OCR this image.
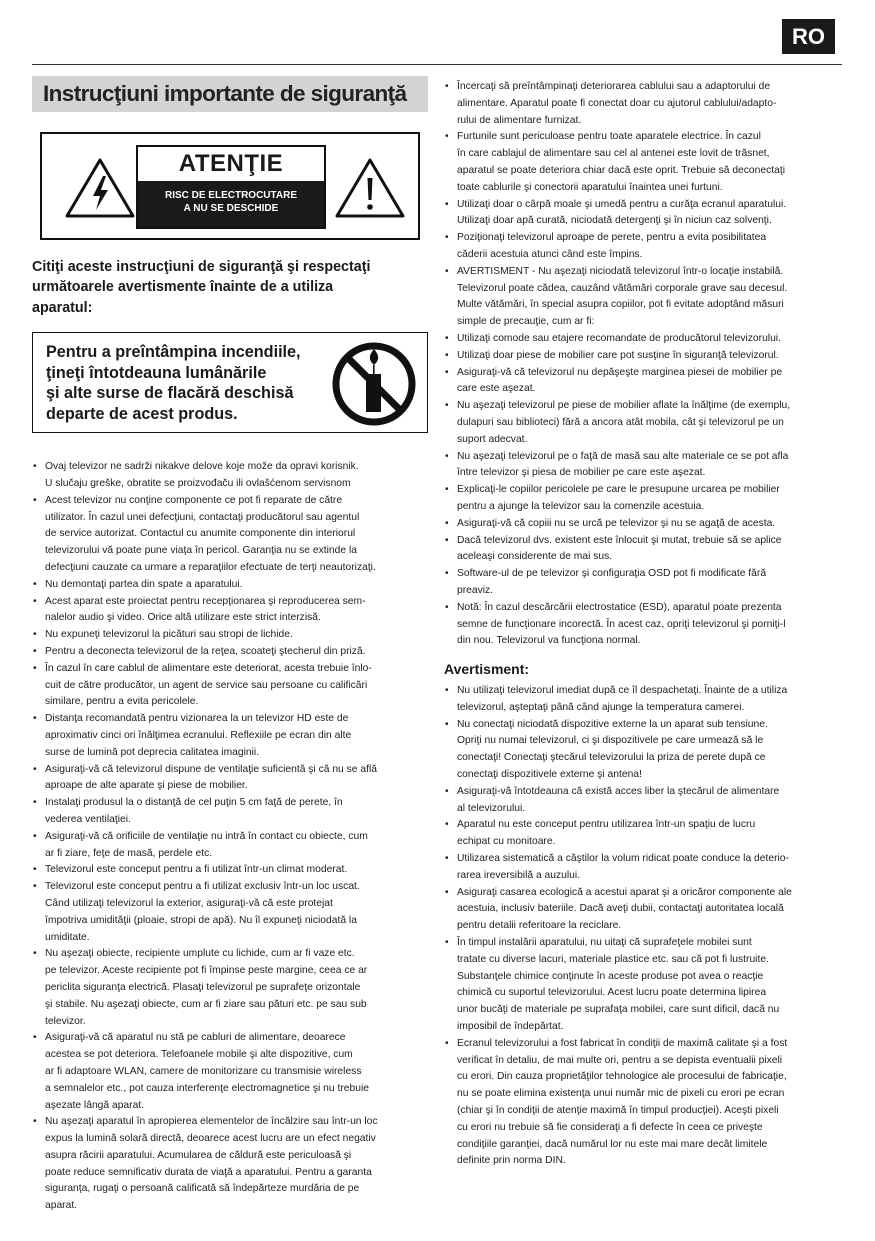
RO
Instrucţiuni importante de siguranţă
ATENŢIE
RISC DE ELECTROCUTARE
A NU SE DESCHIDE
Citiţi aceste instrucţiuni de siguranţă şi respectaţi
următoarele avertismente înainte de a utiliza
aparatul:
Pentru a preîntâmpina incendiile,
ţineţi întotdeauna lumânările
şi alte surse de flacără deschisă
departe de acest produs.
• Ovaj televizor ne sadrži nikakve delove koje može da opravi korisnik.
U slučaju greške, obratite se proizvođaču ili ovlašćenom servisnom
• Acest televizor nu conţine componente ce pot fi reparate de către
utilizator. În cazul unei defecţiuni, contactaţi producătorul sau agentul
de service autorizat. Contactul cu anumite componente din interiorul
televizorului vă poate pune viaţa în pericol. Garanţia nu se extinde la
defecţiuni cauzate ca urmare a reparaţiilor efectuate de terţi neautorizaţi.
• Nu demontaţi partea din spate a aparatului.
• Acest aparat este proiectat pentru recepţionarea şi reproducerea sem-
nalelor audio şi video. Orice altă utilizare este strict interzisă.
• Nu expuneţi televizorul la picături sau stropi de lichide.
• Pentru a deconecta televizorul de la reţea, scoateţi ştecherul din priză.
• În cazul în care cablul de alimentare este deteriorat, acesta trebuie înlo-
cuit de către producător, un agent de service sau persoane cu calificări
similare, pentru a evita pericolele.
• Distanţa recomandată pentru vizionarea la un televizor HD este de
aproximativ cinci ori înălţimea ecranului. Reflexiile pe ecran din alte
surse de lumină pot deprecia calitatea imaginii.
• Asiguraţi-vă că televizorul dispune de ventilaţie suficientă şi că nu se află
aproape de alte aparate şi piese de mobilier.
• Instalaţi produsul la o distanţă de cel puţin 5 cm faţă de perete, în
vederea ventilaţiei.
• Asiguraţi-vă că orificiile de ventilaţie nu intră în contact cu obiecte, cum
ar fi ziare, feţe de masă, perdele etc.
• Televizorul este conceput pentru a fi utilizat într-un climat moderat.
• Televizorul este conceput pentru a fi utilizat exclusiv într-un loc uscat.
Când utilizaţi televizorul la exterior, asiguraţi-vă că este protejat
împotriva umidităţii (ploaie, stropi de apă). Nu îl expuneţi niciodată la
umiditate.
• Nu aşezaţi obiecte, recipiente umplute cu lichide, cum ar fi vaze etc.
pe televizor. Aceste recipiente pot fi împinse peste margine, ceea ce ar
periclita siguranţa electrică. Plasaţi televizorul pe suprafeţe orizontale
şi stabile. Nu aşezaţi obiecte, cum ar fi ziare sau pături etc. pe sau sub
televizor.
• Asiguraţi-vă că aparatul nu stă pe cabluri de alimentare, deoarece
acestea se pot deteriora. Telefoanele mobile şi alte dispozitive, cum
ar fi adaptoare WLAN, camere de monitorizare cu transmisie wireless
a semnalelor etc., pot cauza interferenţe electromagnetice şi nu trebuie
aşezate lângă aparat.
• Nu aşezaţi aparatul în apropierea elementelor de încălzire sau într-un loc
expus la lumină solară directă, deoarece acest lucru are un efect negativ
asupra răcirii aparatului. Acumularea de căldură este periculoasă şi
poate reduce semnificativ durata de viaţă a aparatului. Pentru a garanta
siguranţa, rugaţi o persoană calificată să îndepărteze murdăria de pe
aparat.
• Încercaţi să preîntâmpinaţi deteriorarea cablului sau a adaptorului de
alimentare. Aparatul poate fi conectat doar cu ajutorul cablului/adapto-
rului de alimentare furnizat.
• Furtunile sunt periculoase pentru toate aparatele electrice. În cazul
în care cablajul de alimentare sau cel al antenei este lovit de trăsnet,
aparatul se poate deteriora chiar dacă este oprit. Trebuie să deconectaţi
toate cablurile şi conectorii aparatului înaintea unei furtuni.
• Utilizaţi doar o cârpă moale şi umedă pentru a curăţa ecranul aparatului.
Utilizaţi doar apă curată, niciodată detergenţi şi în niciun caz solvenţi.
• Poziţionaţi televizorul aproape de perete, pentru a evita posibilitatea
căderii acestuia atunci când este împins.
• AVERTISMENT - Nu aşezaţi niciodată televizorul într-o locaţie instabilă.
Televizorul poate cădea, cauzând vătămări corporale grave sau decesul.
Multe vătămări, în special asupra copiilor, pot fi evitate adoptând măsuri
simple de precauţie, cum ar fi:
• Utilizaţi comode sau etajere recomandate de producătorul televizorului.
• Utilizaţi doar piese de mobilier care pot susţine în siguranţă televizorul.
• Asiguraţi-vă că televizorul nu depăşeşte marginea piesei de mobilier pe
care este aşezat.
• Nu aşezaţi televizorul pe piese de mobilier aflate la înălţime (de exemplu,
dulapuri sau biblioteci) fără a ancora atât mobila, cât şi televizorul pe un
suport adecvat.
• Nu aşezaţi televizorul pe o faţă de masă sau alte materiale ce se pot afla
între televizor şi piesa de mobilier pe care este aşezat.
• Explicaţi-le copiilor pericolele pe care le presupune urcarea pe mobilier
pentru a ajunge la televizor sau la comenzile acestuia.
• Asiguraţi-vă că copiii nu se urcă pe televizor şi nu se agaţă de acesta.
• Dacă televizorul dvs. existent este înlocuit şi mutat, trebuie să se aplice
aceleaşi considerente de mai sus.
• Software-ul de pe televizor şi configuraţia OSD pot fi modificate fără
preaviz.
• Notă: În cazul descărcării electrostatice (ESD), aparatul poate prezenta
semne de funcţionare incorectă. În acest caz, opriţi televizorul şi porniţi-l
din nou. Televizorul va funcţiona normal.
Avertisment:
• Nu utilizaţi televizorul imediat după ce îl despachetaţi. Înainte de a utiliza
televizorul, aşteptaţi până când ajunge la temperatura camerei.
• Nu conectaţi niciodată dispozitive externe la un aparat sub tensiune.
Opriţi nu numai televizorul, ci şi dispozitivele pe care urmează să le
conectaţi! Conectaţi ştecărul televizorului la priza de perete după ce
conectaţi dispozitivele externe şi antena!
• Asiguraţi-vă întotdeauna că există acces liber la ştecărul de alimentare
al televizorului.
• Aparatul nu este conceput pentru utilizarea într-un spaţiu de lucru
echipat cu monitoare.
• Utilizarea sistematică a căştilor la volum ridicat poate conduce la deterio-
rarea ireversibilă a auzului.
• Asiguraţi casarea ecologică a acestui aparat şi a oricăror componente ale
acestuia, inclusiv bateriile. Dacă aveţi dubii, contactaţi autoritatea locală
pentru detalii referitoare la reciclare.
• În timpul instalării aparatului, nu uitaţi că suprafeţele mobilei sunt
tratate cu diverse lacuri, materiale plastice etc. sau că pot fi lustruite.
Substanţele chimice conţinute în aceste produse pot avea o reacţie
chimică cu suportul televizorului. Acest lucru poate determina lipirea
unor bucăţi de materiale pe suprafaţa mobilei, care sunt dificil, dacă nu
imposibil de îndepărtat.
• Ecranul televizorului a fost fabricat în condiţii de maximă calitate şi a fost
verificat în detaliu, de mai multe ori, pentru a se depista eventualii pixeli
cu erori. Din cauza proprietăţilor tehnologice ale procesului de fabricaţie,
nu se poate elimina existenţa unui număr mic de pixeli cu erori pe ecran
(chiar şi în condiţii de atenţie maximă în timpul producţiei). Aceşti pixeli
cu erori nu trebuie să fie consideraţi a fi defecte în ceea ce priveşte
condiţiile garanţiei, dacă numărul lor nu este mai mare decât limitele
definite prin norma DIN.
